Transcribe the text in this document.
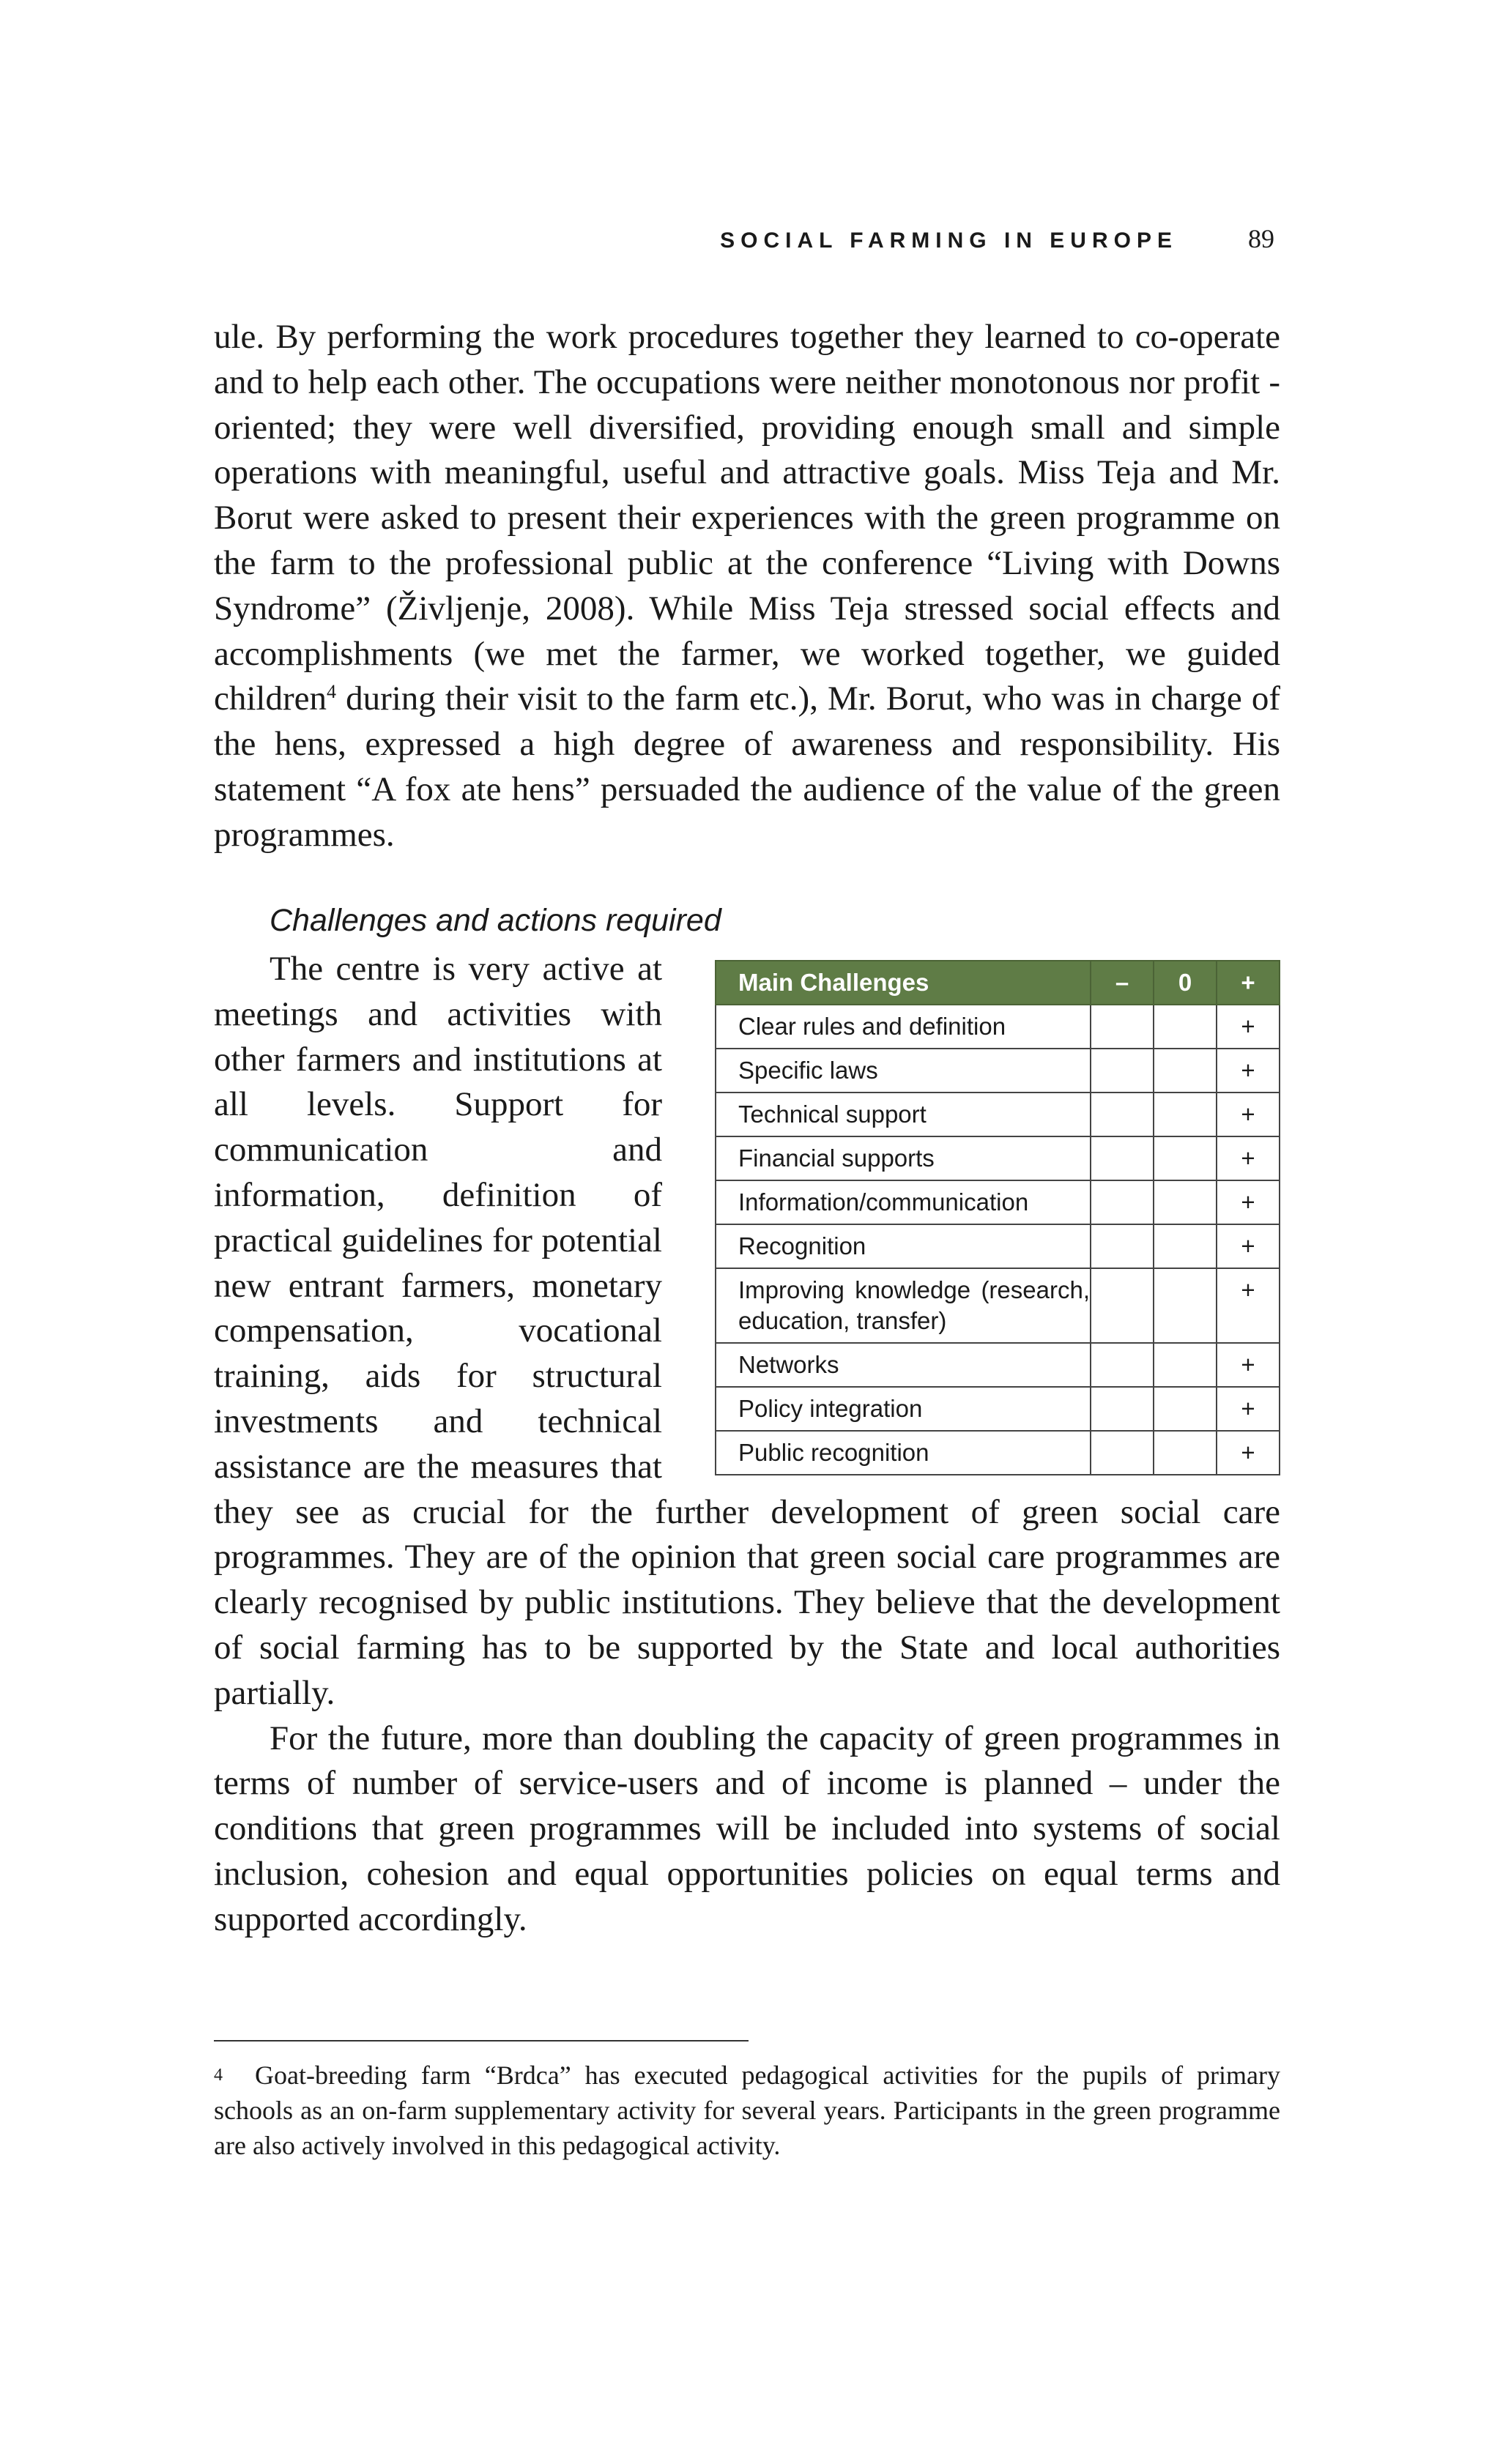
SOCIAL FARMING IN EUROPE	89

ule. By performing the work procedures together they learned to co-operate and to help each other. The occupations were neither monotonous nor profit -oriented; they were well diversified, providing enough small and simple operations with meaningful, useful and attractive goals. Miss Teja and Mr. Borut were asked to present their experiences with the green programme on the farm to the professional public at the conference “Living with Downs Syndrome” (Življenje, 2008). While Miss Teja stressed social effects and accomplishments (we met the farmer, we worked together, we guided children$^4$ during their visit to the farm etc.), Mr. Borut, who was in charge of the hens, expressed a high degree of awareness and responsibility. His statement “A fox ate hens” persuaded the audience of the value of the green programmes.

Challenges and actions required
Main Challenges	–	0	+
Clear rules and definition			+
Specific laws			+
Technical support			+
Financial supports			+
Information/communication			+
Recognition			+
Improving knowledge (research, education, transfer)			+
Networks			+
Policy integration			+
Public recognition			+
The centre is very active at meetings and activities with other farmers and institutions at all levels. Support for communication and information, definition of practical guidelines for potential new entrant farmers, monetary compensation, vocational training, aids for structural investments and technical assistance are the measures that they see as crucial for the further development of green social care programmes. They are of the opinion that green social care programmes are clearly recognised by public institutions. They believe that the development of social farming has to be supported by the State and local authorities partially.

For the future, more than doubling the capacity of green programmes in terms of number of service-users and of income is planned – under the conditions that green programmes will be included into systems of social inclusion, cohesion and equal opportunities policies on equal terms and supported accordingly.

$^4$ Goat-breeding farm “Brdca” has executed pedagogical activities for the pupils of primary schools as an on-farm supplementary activity for several years. Participants in the green programme are also actively involved in this pedagogical activity.
